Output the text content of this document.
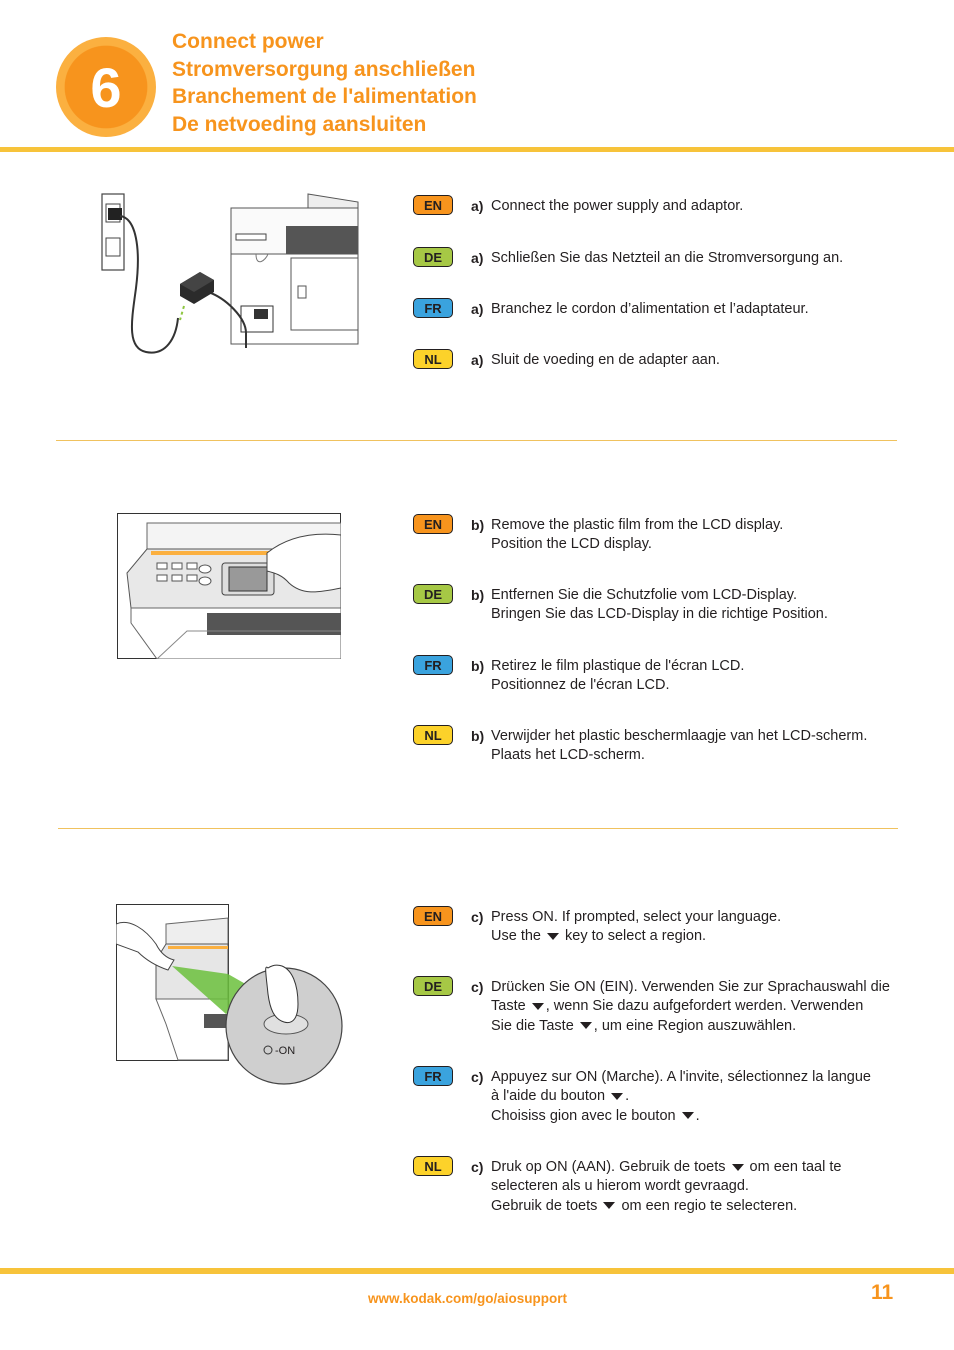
6
Connect power
Stromversorgung anschließen
Branchement de l'alimentation
De netvoeding aansluiten
EN	a) Connect the power supply and adaptor.
DE	a) Schließen Sie das Netzteil an die Stromversorgung an.
FR	a) Branchez le cordon d’alimentation et l’adaptateur.
NL	a) Sluit de voeding en de adapter aan.
EN	b) Remove the plastic film from the LCD display.
Position the LCD display.
DE	b) Entfernen Sie die Schutzfolie vom LCD-Display.
Bringen Sie das LCD-Display in die richtige Position.
FR	b) Retirez le film plastique de l'écran LCD.
Positionnez de l'écran LCD.
NL	b) Verwijder het plastic beschermlaagje van het LCD-scherm.
Plaats het LCD-scherm.
-ON
EN	c) Press ON. If prompted, select your language.
Use the  key to select a region.
DE	c) Drücken Sie ON (EIN). Verwenden Sie zur Sprachauswahl die
Taste , wenn Sie dazu aufgefordert werden. Verwenden
Sie die Taste , um eine Region auszuwählen.
FR	c) Appuyez sur ON (Marche). A l'invite, sélectionnez la langue
à l'aide du bouton .
Choisiss gion avec le bouton .
NL	c) Druk op ON (AAN). Gebruik de toets  om een taal te
selecteren als u hierom wordt gevraagd.
Gebruik de toets  om een regio te selecteren.
www.kodak.com/go/aiosupport	11
